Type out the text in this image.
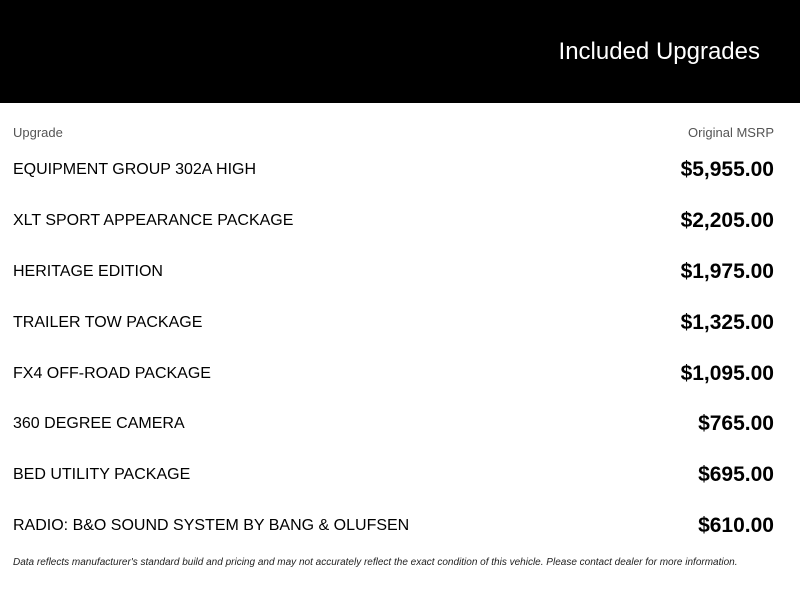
Included Upgrades
Upgrade	Original MSRP
EQUIPMENT GROUP 302A HIGH	$5,955.00
XLT SPORT APPEARANCE PACKAGE	$2,205.00
HERITAGE EDITION	$1,975.00
TRAILER TOW PACKAGE	$1,325.00
FX4 OFF-ROAD PACKAGE	$1,095.00
360 DEGREE CAMERA	$765.00
BED UTILITY PACKAGE	$695.00
RADIO: B&O SOUND SYSTEM BY BANG & OLUFSEN	$610.00
Data reflects manufacturer's standard build and pricing and may not accurately reflect the exact condition of this vehicle. Please contact dealer for more information.
